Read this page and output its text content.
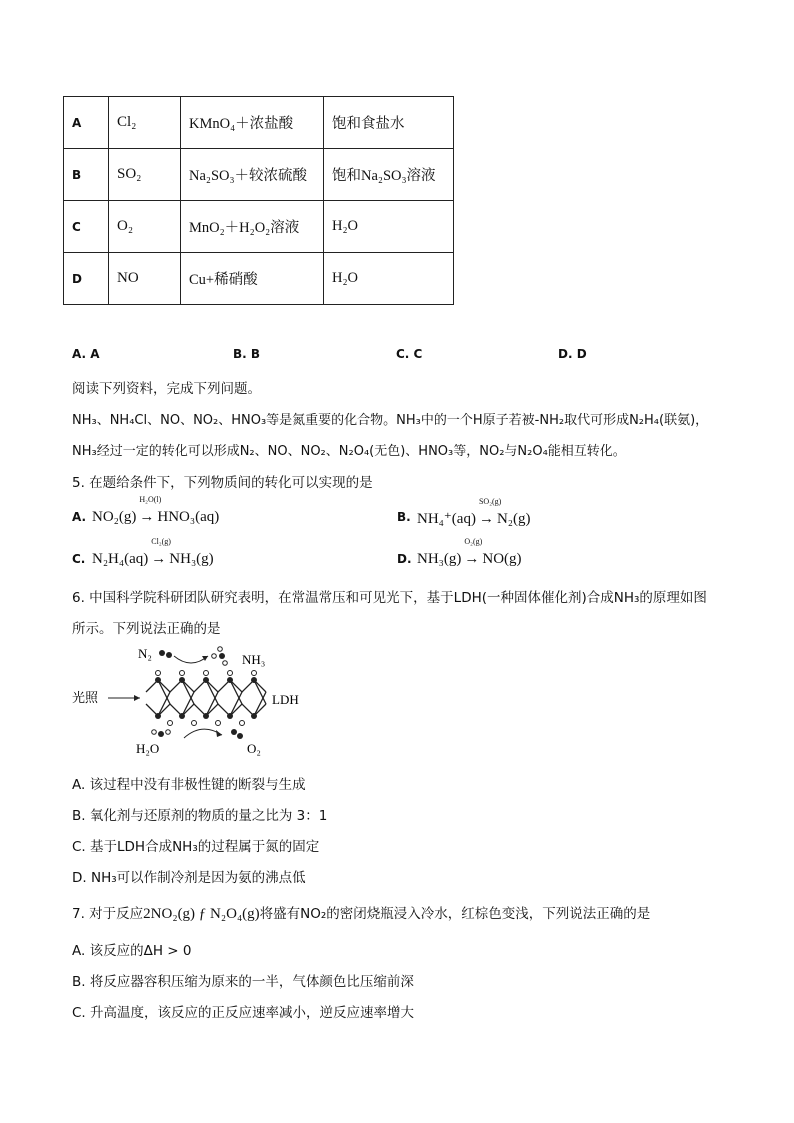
A	Cl₂	KMnO₄＋浓盐酸	饱和食盐水
B	SO₂	Na₂SO₃＋较浓硫酸	饱和Na₂SO₃溶液
C	O₂	MnO₂＋H₂O₂溶液	H₂O
D	NO	Cu+稀硝酸	H₂O
A. A	B. B	C. C	D. D
阅读下列资料，完成下列问题。
NH₃、NH₄Cl、NO、NO₂、HNO₃等是氮重要的化合物。NH₃中的一个H原子若被-NH₂取代可形成N₂H₄(联氨)，
NH₃经过一定的转化可以形成N₂、NO、NO₂、N₂O₄(无色)、HNO₃等，NO₂与N₂O₄能相互转化。
5. 在题给条件下，下列物质间的转化可以实现的是
A. NO₂(g) →
H₂O(l)
HNO₃(aq)	B. NH₄⁺(aq) →
SO₂(g)
N₂(g)
C. N₂H₄(aq) →
Cl₂(g)
NH₃(g)	D. NH₃(g) →
O₂(g)
NO(g)
6. 中国科学院科研团队研究表明，在常温常压和可见光下，基于LDH(一种固体催化剂)合成NH₃的原理如图
所示。下列说法正确的是
N₂	NH₃
光照	LDH
H₂O	O₂
A. 该过程中没有非极性键的断裂与生成
B. 氧化剂与还原剂的物质的量之比为 3：1
C. 基于LDH合成NH₃的过程属于氮的固定
D. NH₃可以作制冷剂是因为氨的沸点低
7. 对于反应2NO₂(g) ƒ N₂O₄(g)将盛有NO₂的密闭烧瓶浸入冷水，红棕色变浅，下列说法正确的是
A. 该反应的ΔH > 0
B. 将反应器容积压缩为原来的一半，气体颜色比压缩前深
C. 升高温度，该反应的正反应速率减小，逆反应速率增大
